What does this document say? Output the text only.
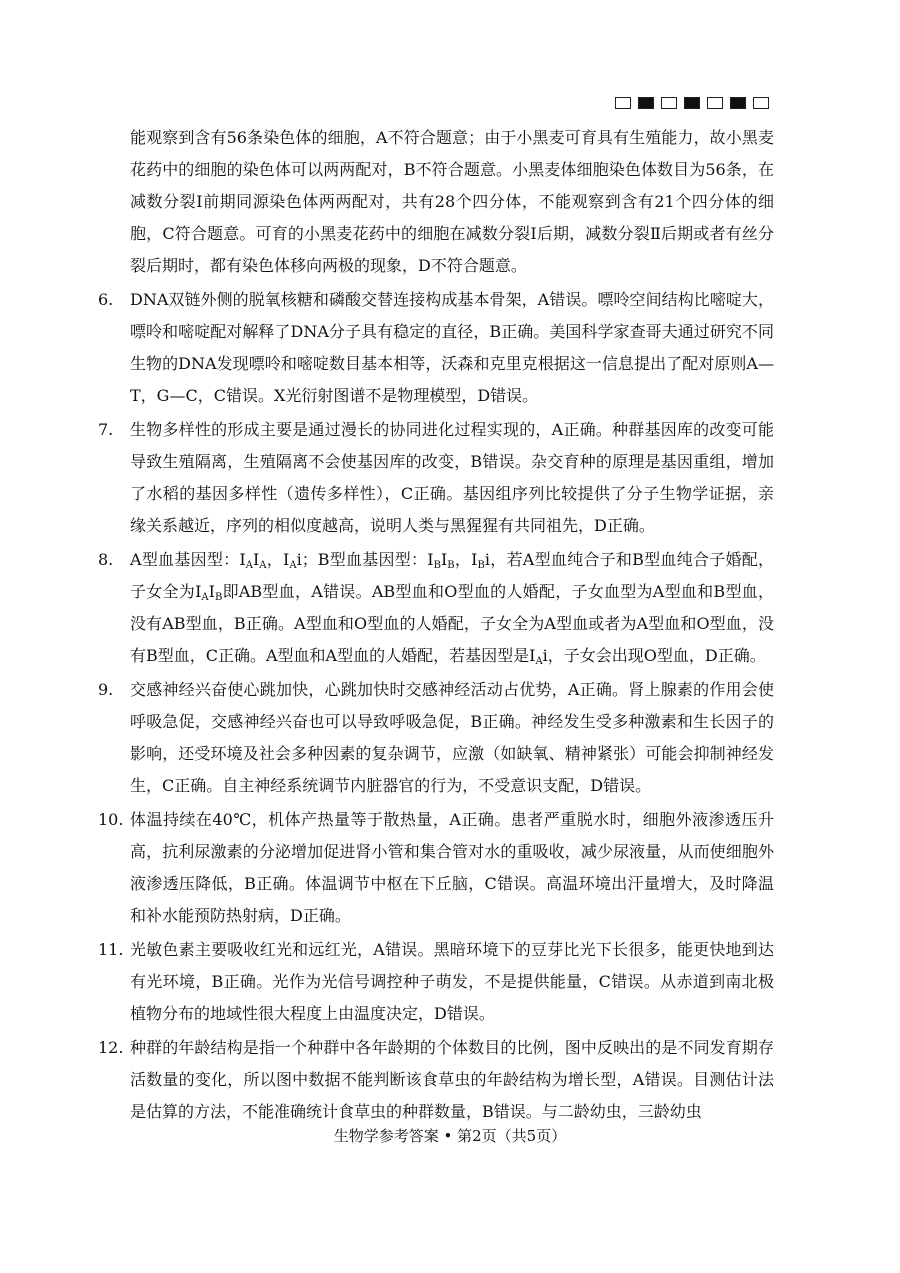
能观察到含有56条染色体的细胞，A不符合题意；由于小黑麦可育具有生殖能力，故小黑麦花药中的细胞的染色体可以两两配对，B不符合题意。小黑麦体细胞染色体数目为56条，在减数分裂Ⅰ前期同源染色体两两配对，共有28个四分体，不能观察到含有21个四分体的细胞，C符合题意。可育的小黑麦花药中的细胞在减数分裂Ⅰ后期，减数分裂Ⅱ后期或者有丝分裂后期时，都有染色体移向两极的现象，D不符合题意。

6.	DNA双链外侧的脱氧核糖和磷酸交替连接构成基本骨架，A错误。嘌呤空间结构比嘧啶大，嘌呤和嘧啶配对解释了DNA分子具有稳定的直径，B正确。美国科学家查哥夫通过研究不同生物的DNA发现嘌呤和嘧啶数目基本相等，沃森和克里克根据这一信息提出了配对原则A—T，G—C，C错误。X光衍射图谱不是物理模型，D错误。
7.	生物多样性的形成主要是通过漫长的协同进化过程实现的，A正确。种群基因库的改变可能导致生殖隔离，生殖隔离不会使基因库的改变，B错误。杂交育种的原理是基因重组，增加了水稻的基因多样性（遗传多样性），C正确。基因组序列比较提供了分子生物学证据，亲缘关系越近，序列的相似度越高，说明人类与黑猩猩有共同祖先，D正确。
8.	A型血基因型：$I_AI_A$，$I_Ai$；B型血基因型：$I_BI_B$，$I_Bi$，若A型血纯合子和B型血纯合子婚配，子女全为$I_AI_B$即AB型血，A错误。AB型血和O型血的人婚配，子女血型为A型血和B型血，没有AB型血，B正确。A型血和O型血的人婚配，子女全为A型血或者为A型血和O型血，没有B型血，C正确。A型血和A型血的人婚配，若基因型是$I_Ai$，子女会出现O型血，D正确。
9.	交感神经兴奋使心跳加快，心跳加快时交感神经活动占优势，A正确。肾上腺素的作用会使呼吸急促，交感神经兴奋也可以导致呼吸急促，B正确。神经发生受多种激素和生长因子的影响，还受环境及社会多种因素的复杂调节，应激（如缺氧、精神紧张）可能会抑制神经发生，C正确。自主神经系统调节内脏器官的行为，不受意识支配，D错误。
10. 体温持续在40℃，机体产热量等于散热量，A正确。患者严重脱水时，细胞外液渗透压升高，抗利尿激素的分泌增加促进肾小管和集合管对水的重吸收，减少尿液量，从而使细胞外液渗透压降低，B正确。体温调节中枢在下丘脑，C错误。高温环境出汗量增大，及时降温和补水能预防热射病，D正确。
11. 光敏色素主要吸收红光和远红光，A错误。黑暗环境下的豆芽比光下长很多，能更快地到达有光环境，B正确。光作为光信号调控种子萌发，不是提供能量，C错误。从赤道到南北极植物分布的地域性很大程度上由温度决定，D错误。
12. 种群的年龄结构是指一个种群中各年龄期的个体数目的比例，图中反映出的是不同发育期存活数量的变化，所以图中数据不能判断该食草虫的年龄结构为增长型，A错误。目测估计法是估算的方法，不能准确统计食草虫的种群数量，B错误。与二龄幼虫，三龄幼虫
生物学参考答案 • 第2页（共5页）
